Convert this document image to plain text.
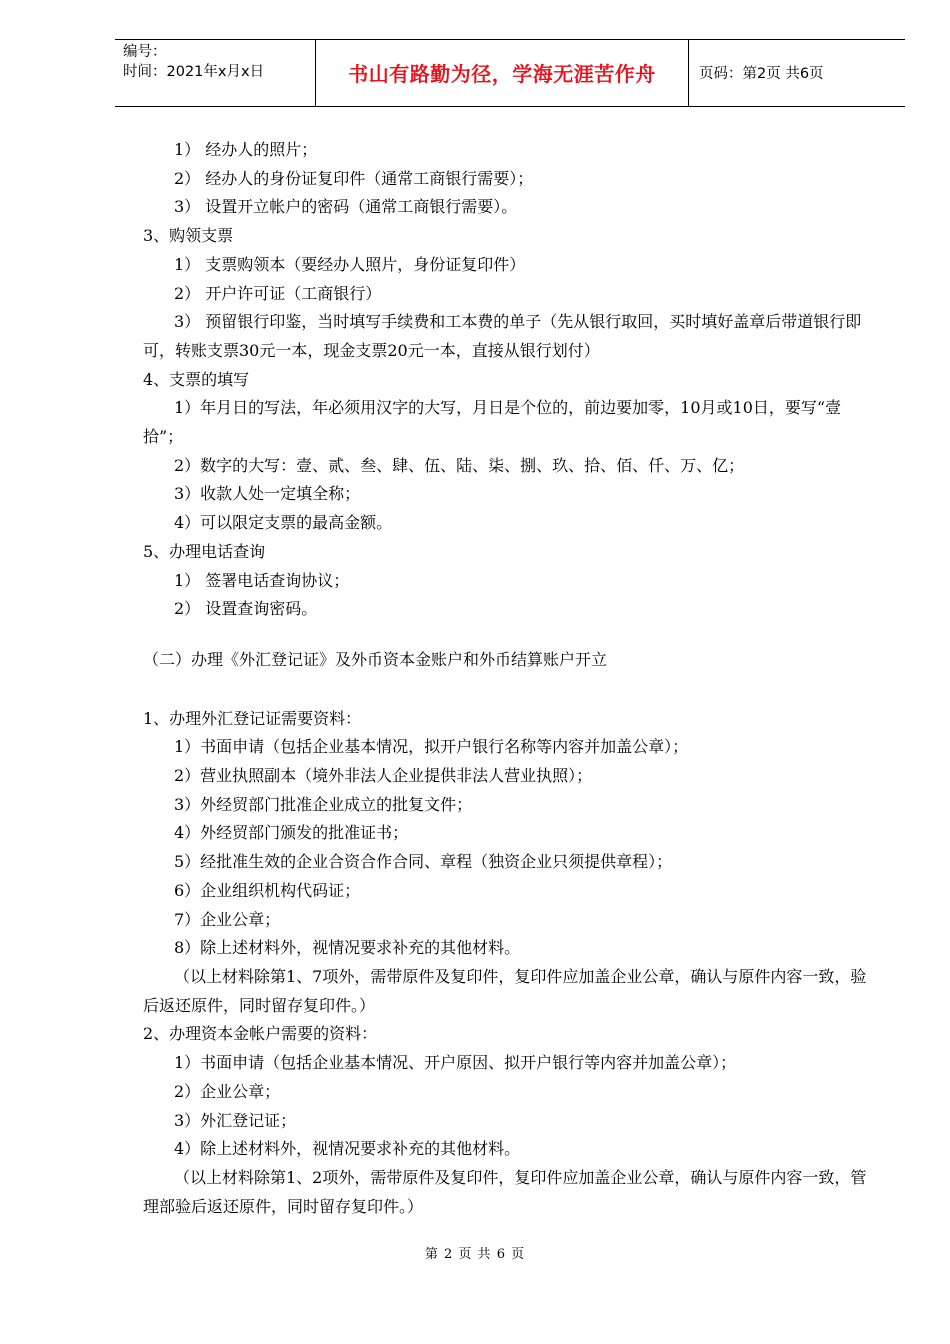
编号：
时间：2021年x月x日	书山有路勤为径，学海无涯苦作舟	页码：第2页 共6页
1） 经办人的照片；
2） 经办人的身份证复印件（通常工商银行需要）；
3） 设置开立帐户的密码（通常工商银行需要）。
3、购领支票
1） 支票购领本（要经办人照片，身份证复印件）
2） 开户许可证（工商银行）
3） 预留银行印鉴，当时填写手续费和工本费的单子（先从银行取回，买时填好盖章后带道银行即可，转账支票30元一本，现金支票20元一本，直接从银行划付）
4、支票的填写
1）年月日的写法，年必须用汉字的大写，月日是个位的，前边要加零，10月或10日，要写“壹拾”；
2）数字的大写：壹、贰、叁、肆、伍、陆、柒、捌、玖、拾、佰、仟、万、亿；
3）收款人处一定填全称；
4）可以限定支票的最高金额。
5、办理电话查询
1） 签署电话查询协议；
2） 设置查询密码。
（二）办理《外汇登记证》及外币资本金账户和外币结算账户开立
1、办理外汇登记证需要资料：
1）书面申请（包括企业基本情况，拟开户银行名称等内容并加盖公章）；
2）营业执照副本（境外非法人企业提供非法人营业执照）；
3）外经贸部门批准企业成立的批复文件；
4）外经贸部门颁发的批准证书；
5）经批准生效的企业合资合作合同、章程（独资企业只须提供章程）；
6）企业组织机构代码证；
7）企业公章；
8）除上述材料外，视情况要求补充的其他材料。
（以上材料除第1、7项外，需带原件及复印件，复印件应加盖企业公章，确认与原件内容一致，验后返还原件，同时留存复印件。）
2、办理资本金帐户需要的资料：
1）书面申请（包括企业基本情况、开户原因、拟开户银行等内容并加盖公章）；
2）企业公章；
3）外汇登记证；
4）除上述材料外，视情况要求补充的其他材料。
（以上材料除第1、2项外，需带原件及复印件，复印件应加盖企业公章，确认与原件内容一致，管理部验后返还原件，同时留存复印件。）
第 2 页 共 6 页
